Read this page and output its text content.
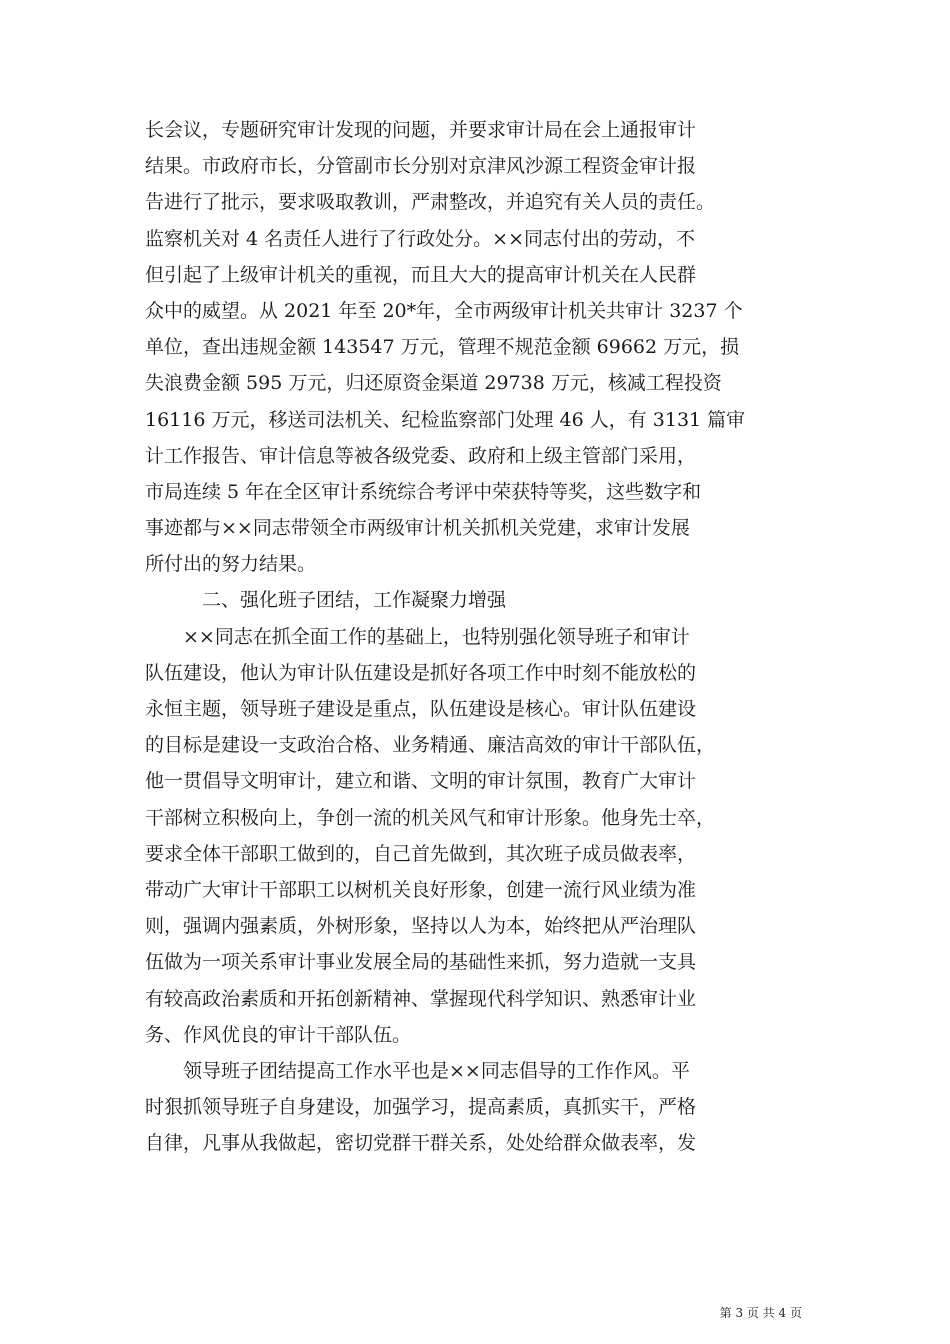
长会议，专题研究审计发现的问题，并要求审计局在会上通报审计
结果。市政府市长，分管副市长分别对京津风沙源工程资金审计报
告进行了批示，要求吸取教训，严肃整改，并追究有关人员的责任。
监察机关对 4 名责任人进行了行政处分。××同志付出的劳动，不
但引起了上级审计机关的重视，而且大大的提高审计机关在人民群
众中的威望。从 2021 年至 20*年，全市两级审计机关共审计 3237 个
单位，查出违规金额 143547 万元，管理不规范金额 69662 万元，损
失浪费金额 595 万元，归还原资金渠道 29738 万元，核减工程投资
16116 万元，移送司法机关、纪检监察部门处理 46 人，有 3131 篇审
计工作报告、审计信息等被各级党委、政府和上级主管部门采用，
市局连续 5 年在全区审计系统综合考评中荣获特等奖，这些数字和
事迹都与××同志带领全市两级审计机关抓机关党建，求审计发展
所付出的努力结果。
二、强化班子团结，工作凝聚力增强
××同志在抓全面工作的基础上，也特别强化领导班子和审计
队伍建设，他认为审计队伍建设是抓好各项工作中时刻不能放松的
永恒主题，领导班子建设是重点，队伍建设是核心。审计队伍建设
的目标是建设一支政治合格、业务精通、廉洁高效的审计干部队伍，
他一贯倡导文明审计，建立和谐、文明的审计氛围，教育广大审计
干部树立积极向上，争创一流的机关风气和审计形象。他身先士卒，
要求全体干部职工做到的，自己首先做到，其次班子成员做表率，
带动广大审计干部职工以树机关良好形象，创建一流行风业绩为准
则，强调内强素质，外树形象，坚持以人为本，始终把从严治理队
伍做为一项关系审计事业发展全局的基础性来抓，努力造就一支具
有较高政治素质和开拓创新精神、掌握现代科学知识、熟悉审计业
务、作风优良的审计干部队伍。
领导班子团结提高工作水平也是××同志倡导的工作作风。平
时狠抓领导班子自身建设，加强学习，提高素质，真抓实干，严格
自律，凡事从我做起，密切党群干群关系，处处给群众做表率，发
第 3 页 共 4 页
